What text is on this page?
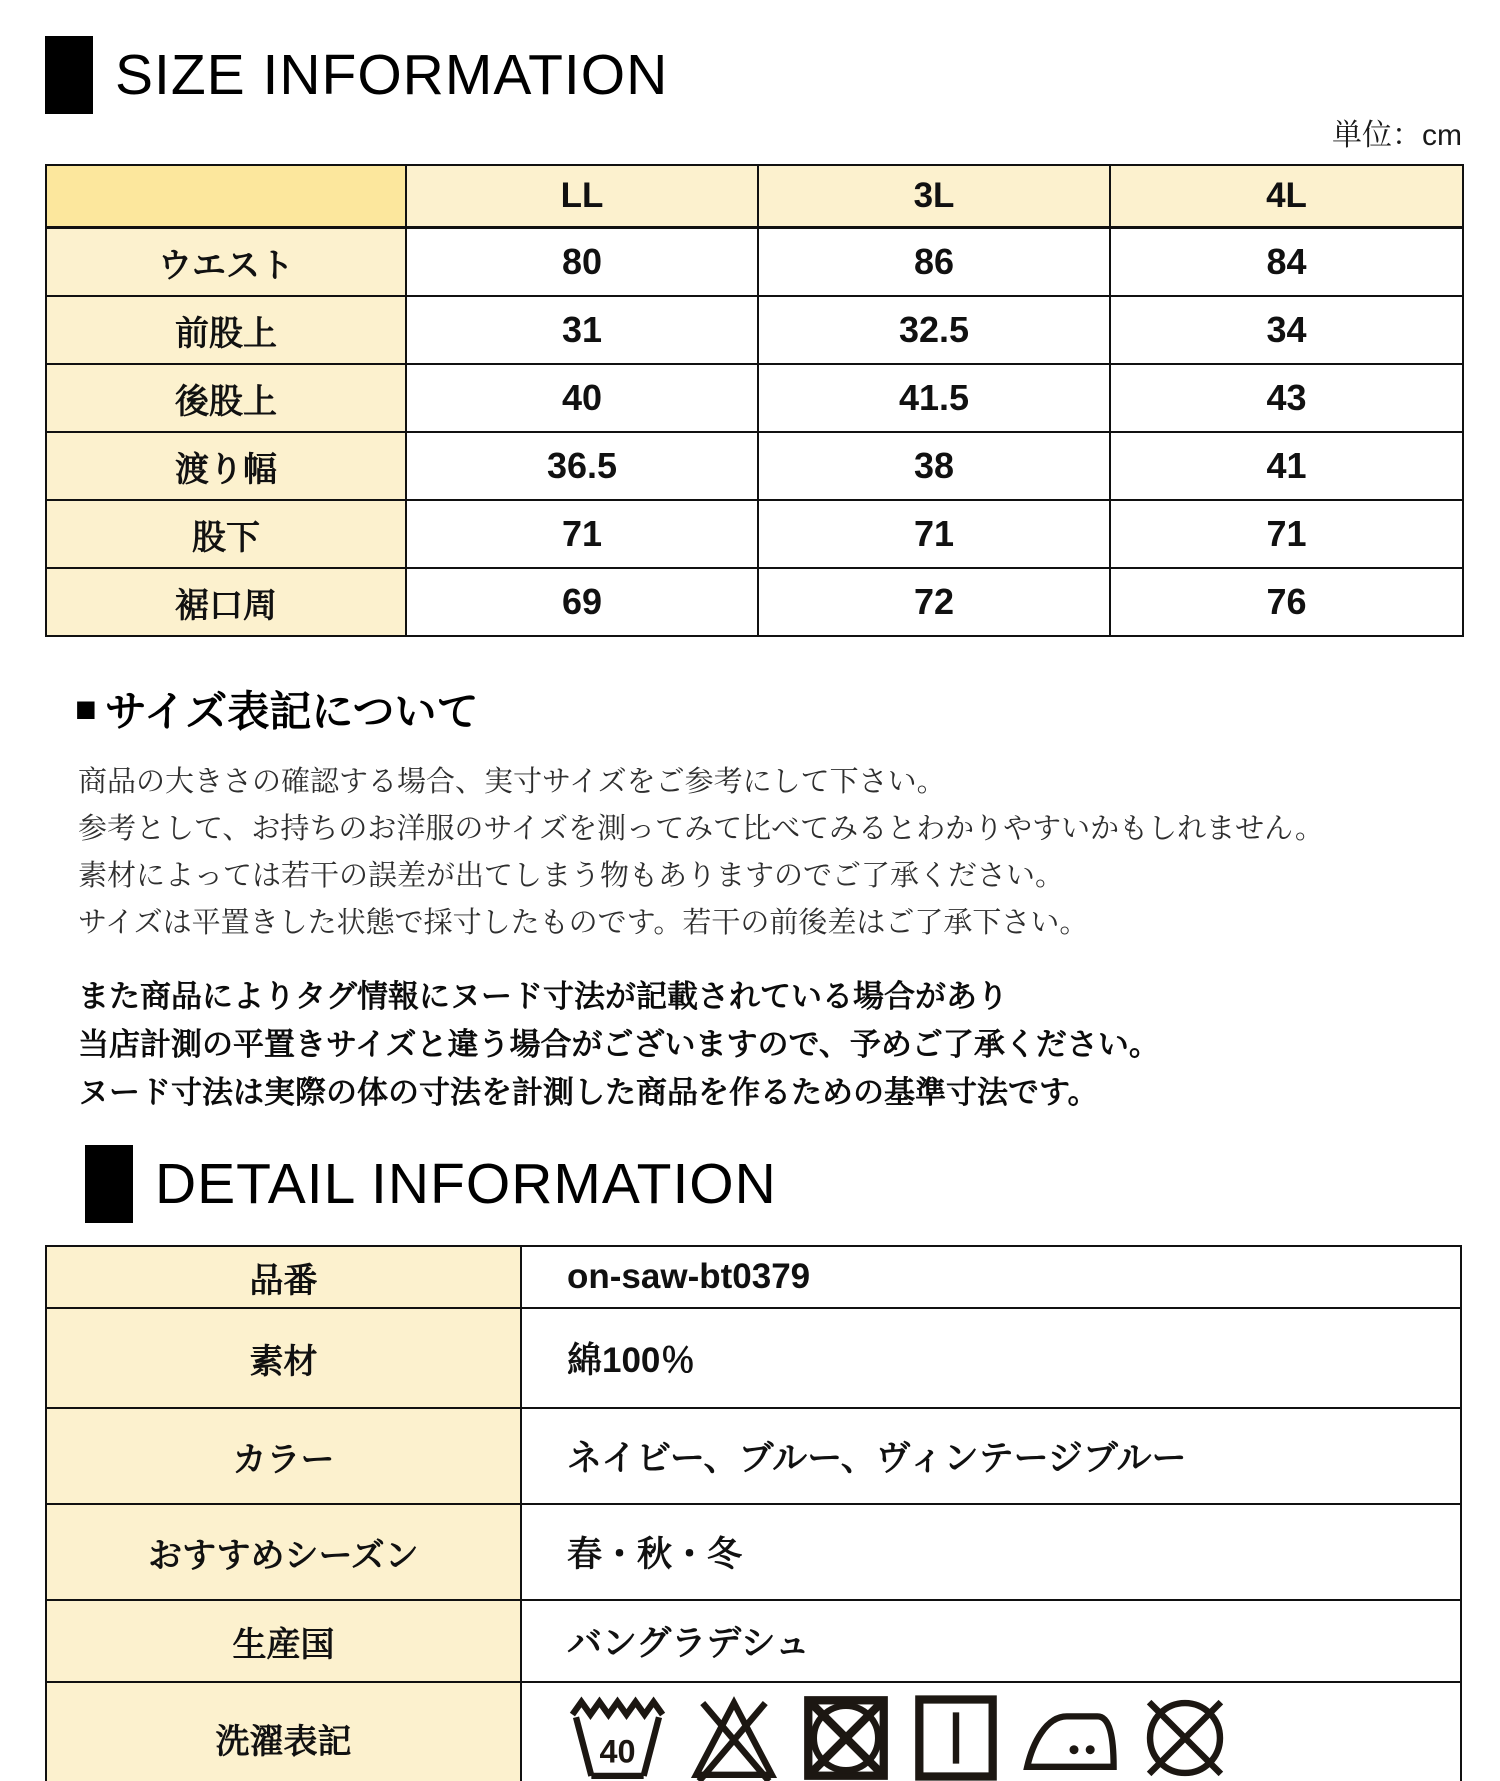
SIZE INFORMATION
単位：cm
	LL	3L	4L
ウエスト	80	86	84
前股上	31	32.5	34
後股上	40	41.5	43
渡り幅	36.5	38	41
股下	71	71	71
裾口周	69	72	76
■ サイズ表記について
商品の大きさの確認する場合、実寸サイズをご参考にして下さい。
参考として、お持ちのお洋服のサイズを測ってみて比べてみるとわかりやすいかもしれません。
素材によっては若干の誤差が出てしまう物もありますのでご了承ください。
サイズは平置きした状態で採寸したものです。若干の前後差はご了承下さい。
また商品によりタグ情報にヌード寸法が記載されている場合があり
当店計測の平置きサイズと違う場合がございますので、予めご了承ください。
ヌード寸法は実際の体の寸法を計測した商品を作るための基準寸法です。
DETAIL INFORMATION
品番	on-saw-bt0379
素材	綿100％
カラー	ネイビー、ブルー、ヴィンテージブルー
おすすめシーズン	春・秋・冬
生産国	バングラデシュ
洗濯表記	40
